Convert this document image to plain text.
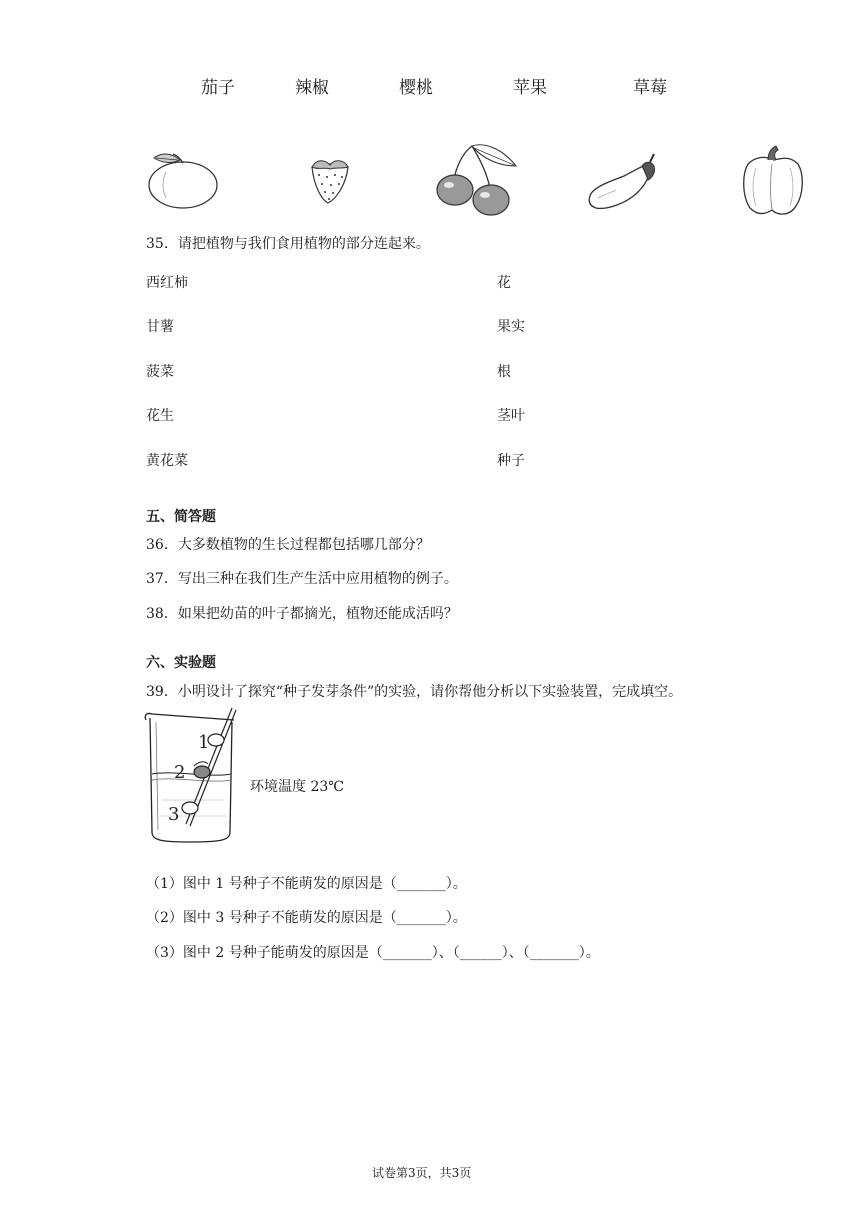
茄子	辣椒	樱桃	苹果	草莓
35．请把植物与我们食用植物的部分连起来。
西红柿
甘薯
菠菜
花生
黄花菜
花
果实
根
茎叶
种子
五、简答题
36．大多数植物的生长过程都包括哪几部分？
37．写出三种在我们生产生活中应用植物的例子。
38．如果把幼苗的叶子都摘光，植物还能成活吗？
六、实验题
39．小明设计了探究“种子发芽条件”的实验，请你帮他分析以下实验装置，完成填空。
1
2
3
环境温度 23℃
（1）图中 1 号种子不能萌发的原因是（_______）。
（2）图中 3 号种子不能萌发的原因是（_______）。
（3）图中 2 号种子能萌发的原因是（_______）、（______）、（_______）。
试卷第3页，共3页
